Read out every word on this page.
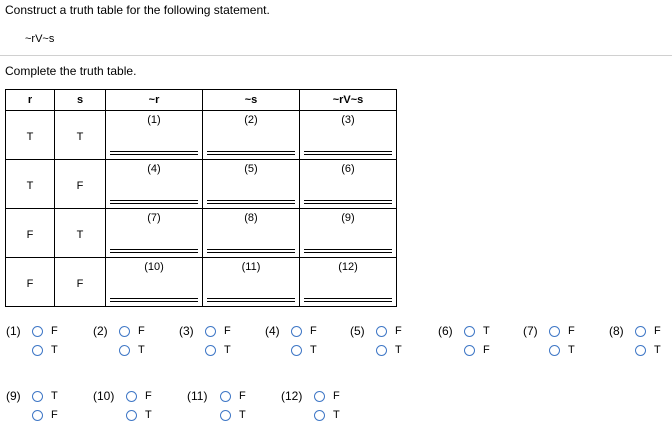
Construct a truth table for the following statement.
~rV~s
Complete the truth table.
r	s	~r	~s	~rV~s

T	T	(1)	(2)	(3)

T	F	(4)	(5)	(6)

F	T	(7)	(8)	(9)

F	F	(10)	(11)	(12)
(1)	F
T
(2)	F
T
(3)	F
T
(4)	F
T
(5)	F
T
(6)	T
F
(7)	F
T
(8)	F
T
(9)	T
F
(10)	F
T
(11)	F
T
(12)	F
T
